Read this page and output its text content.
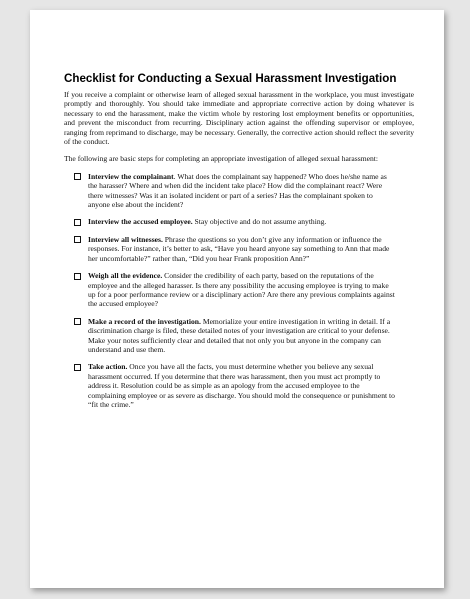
Checklist for Conducting a Sexual Harassment Investigation

If you receive a complaint or otherwise learn of alleged sexual harassment in the workplace, you must investigate promptly and thoroughly. You should take immediate and appropriate corrective action by doing whatever is necessary to end the harassment, make the victim whole by restoring lost employment benefits or opportunities, and prevent the misconduct from recurring. Disciplinary action against the offending supervisor or employee, ranging from reprimand to discharge, may be necessary. Generally, the corrective action should reflect the severity of the conduct.

The following are basic steps for completing an appropriate investigation of alleged sexual harassment:

Interview the complainant. What does the complainant say happened? Who does he/she name as the harasser? Where and when did the incident take place? How did the complainant react? Were there witnesses? Was it an isolated incident or part of a series? Has the complainant spoken to anyone else about the incident?
Interview the accused employee. Stay objective and do not assume anything.
Interview all witnesses. Phrase the questions so you don’t give any information or influence the responses. For instance, it’s better to ask, “Have you heard anyone say something to Ann that made her uncomfortable?” rather than, “Did you hear Frank proposition Ann?”
Weigh all the evidence. Consider the credibility of each party, based on the reputations of the employee and the alleged harasser. Is there any possibility the accusing employee is trying to make up for a poor performance review or a disciplinary action? Are there any previous complaints against the accused employee?
Make a record of the investigation. Memorialize your entire investigation in writing in detail. If a discrimination charge is filed, these detailed notes of your investigation are critical to your defense. Make your notes sufficiently clear and detailed that not only you but anyone in the company can understand and use them.
Take action. Once you have all the facts, you must determine whether you believe any sexual harassment occurred. If you determine that there was harassment, then you must act promptly to address it. Resolution could be as simple as an apology from the accused employee to the complaining employee or as severe as discharge. You should mold the consequence or punishment to “fit the crime.”
